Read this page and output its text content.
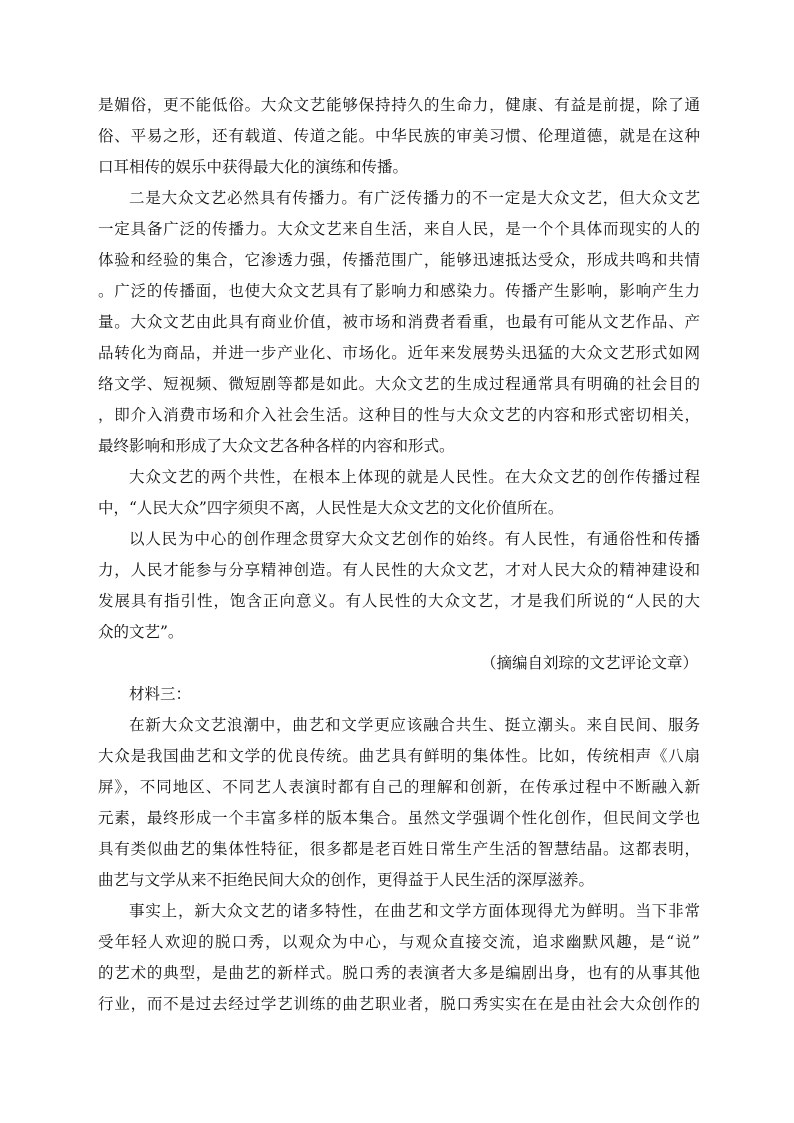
是媚俗，更不能低俗。大众文艺能够保持持久的生命力，健康、有益是前提，除了通
俗、平易之形，还有载道、传道之能。中华民族的审美习惯、伦理道德，就是在这种
口耳相传的娱乐中获得最大化的演练和传播。
二是大众文艺必然具有传播力。有广泛传播力的不一定是大众文艺，但大众文艺
一定具备广泛的传播力。大众文艺来自生活，来自人民，是一个个具体而现实的人的
体验和经验的集合，它渗透力强，传播范围广，能够迅速抵达受众，形成共鸣和共情
。广泛的传播面，也使大众文艺具有了影响力和感染力。传播产生影响，影响产生力
量。大众文艺由此具有商业价值，被市场和消费者看重，也最有可能从文艺作品、产
品转化为商品，并进一步产业化、市场化。近年来发展势头迅猛的大众文艺形式如网
络文学、短视频、微短剧等都是如此。大众文艺的生成过程通常具有明确的社会目的
，即介入消费市场和介入社会生活。这种目的性与大众文艺的内容和形式密切相关，
最终影响和形成了大众文艺各种各样的内容和形式。
大众文艺的两个共性，在根本上体现的就是人民性。在大众文艺的创作传播过程
中，“人民大众”四字须臾不离，人民性是大众文艺的文化价值所在。
以人民为中心的创作理念贯穿大众文艺创作的始终。有人民性，有通俗性和传播
力，人民才能参与分享精神创造。有人民性的大众文艺，才对人民大众的精神建设和
发展具有指引性，饱含正向意义。有人民性的大众文艺，才是我们所说的“人民的大
众的文艺”。
（摘编自刘琮的文艺评论文章）
材料三：
在新大众文艺浪潮中，曲艺和文学更应该融合共生、挺立潮头。来自民间、服务
大众是我国曲艺和文学的优良传统。曲艺具有鲜明的集体性。比如，传统相声《八扇
屏》，不同地区、不同艺人表演时都有自己的理解和创新，在传承过程中不断融入新
元素，最终形成一个丰富多样的版本集合。虽然文学强调个性化创作，但民间文学也
具有类似曲艺的集体性特征，很多都是老百姓日常生产生活的智慧结晶。这都表明，
曲艺与文学从来不拒绝民间大众的创作，更得益于人民生活的深厚滋养。
事实上，新大众文艺的诸多特性，在曲艺和文学方面体现得尤为鲜明。当下非常
受年轻人欢迎的脱口秀，以观众为中心，与观众直接交流，追求幽默风趣，是“说”
的艺术的典型，是曲艺的新样式。脱口秀的表演者大多是编剧出身，也有的从事其他
行业，而不是过去经过学艺训练的曲艺职业者，脱口秀实实在在是由社会大众创作的
